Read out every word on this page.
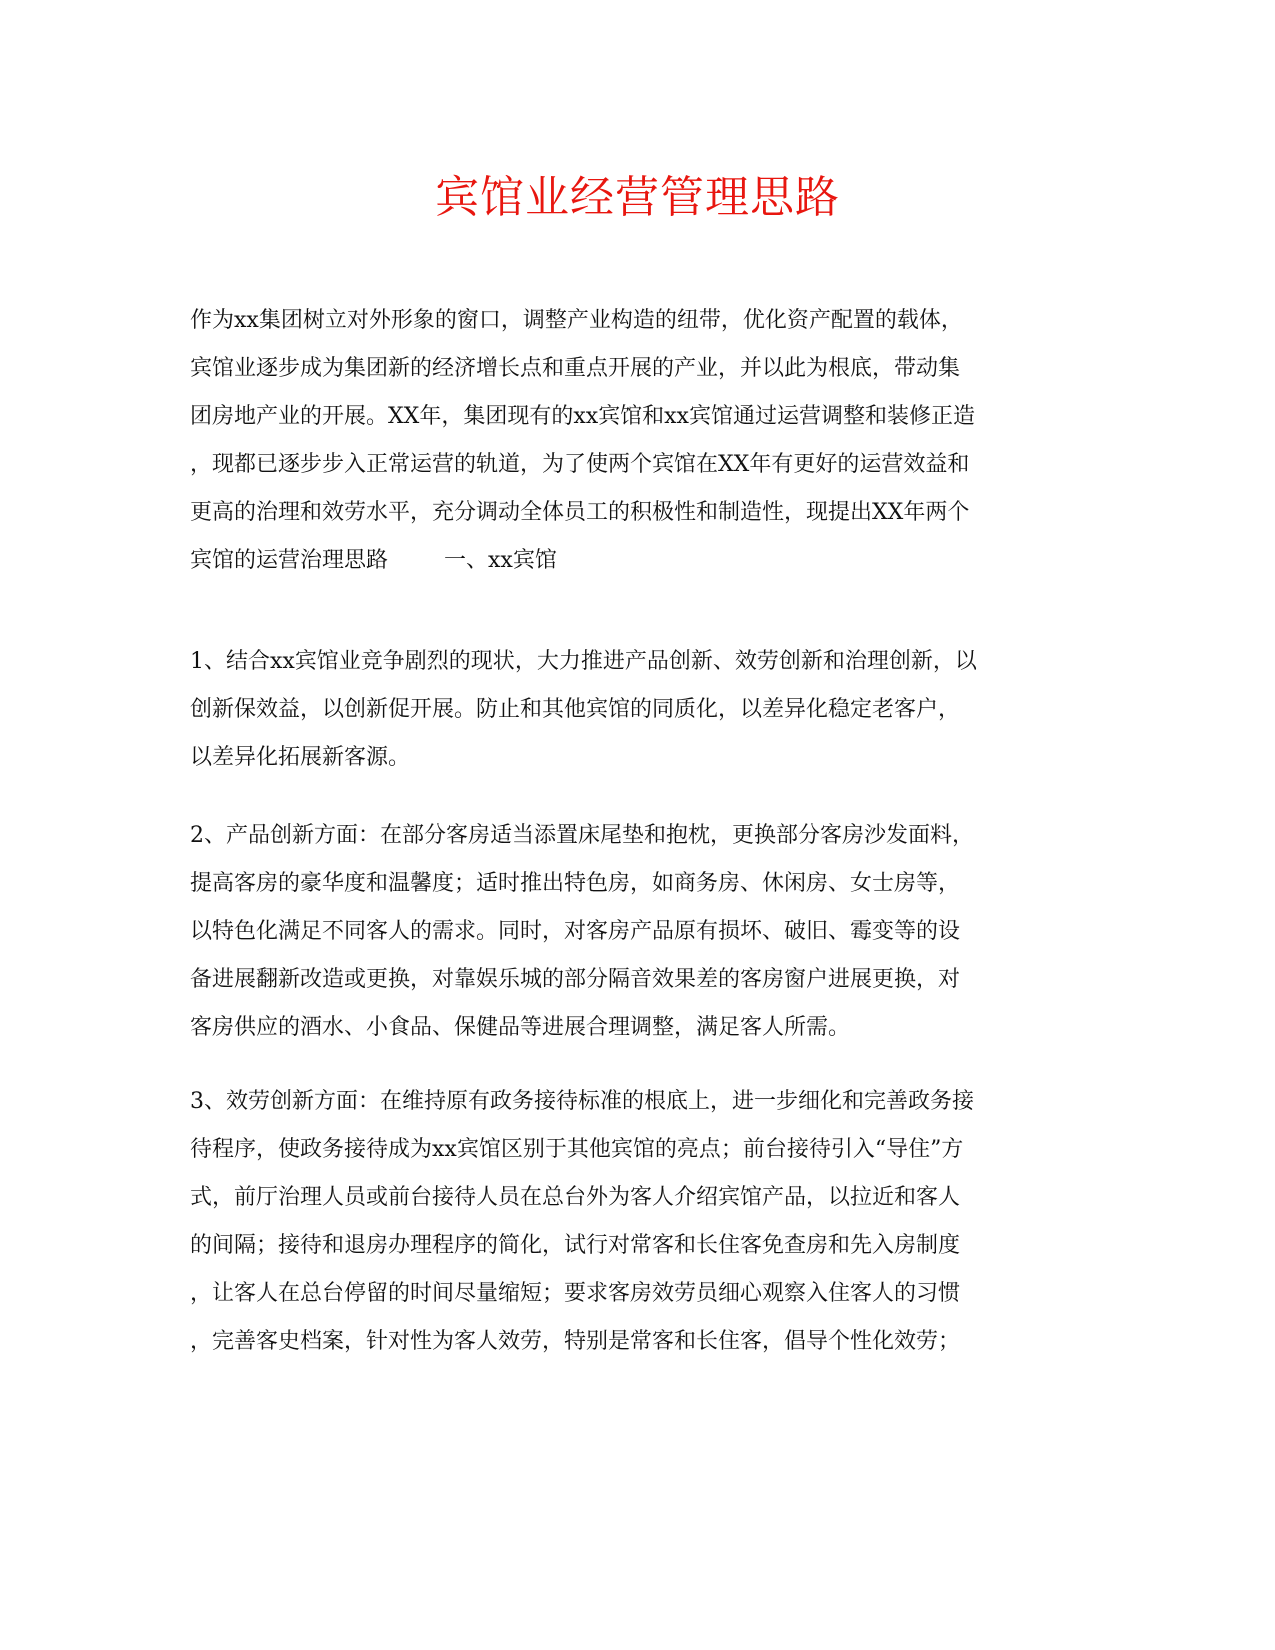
宾馆业经营管理思路

作为xx集团树立对外形象的窗口，调整产业构造的纽带，优化资产配置的载体，

宾馆业逐步成为集团新的经济增长点和重点开展的产业，并以此为根底，带动集

团房地产业的开展。XX年，集团现有的xx宾馆和xx宾馆通过运营调整和装修正造

，现都已逐步步入正常运营的轨道，为了使两个宾馆在XX年有更好的运营效益和

更高的治理和效劳水平，充分调动全体员工的积极性和制造性，现提出XX年两个

宾馆的运营治理思路	一、xx宾馆

1、结合xx宾馆业竞争剧烈的现状，大力推进产品创新、效劳创新和治理创新，以

创新保效益，以创新促开展。防止和其他宾馆的同质化，以差异化稳定老客户，

以差异化拓展新客源。

2、产品创新方面：在部分客房适当添置床尾垫和抱枕，更换部分客房沙发面料，

提高客房的豪华度和温馨度；适时推出特色房，如商务房、休闲房、女士房等，

以特色化满足不同客人的需求。同时，对客房产品原有损坏、破旧、霉变等的设

备进展翻新改造或更换，对靠娱乐城的部分隔音效果差的客房窗户进展更换，对

客房供应的酒水、小食品、保健品等进展合理调整，满足客人所需。

3、效劳创新方面：在维持原有政务接待标准的根底上，进一步细化和完善政务接

待程序，使政务接待成为xx宾馆区别于其他宾馆的亮点；前台接待引入“导住”方

式，前厅治理人员或前台接待人员在总台外为客人介绍宾馆产品，以拉近和客人

的间隔；接待和退房办理程序的简化，试行对常客和长住客免查房和先入房制度

，让客人在总台停留的时间尽量缩短；要求客房效劳员细心观察入住客人的习惯

，完善客史档案，针对性为客人效劳，特别是常客和长住客，倡导个性化效劳；
